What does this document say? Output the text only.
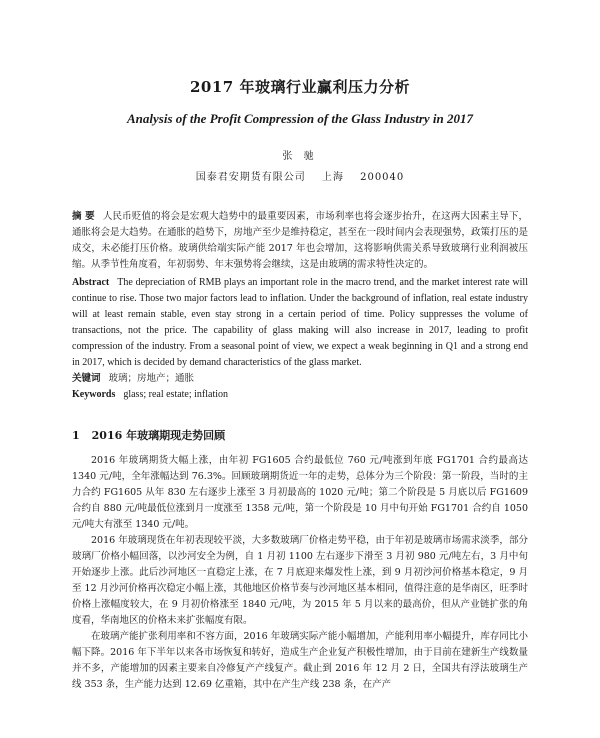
2017 年玻璃行业赢利压力分析
Analysis of the Profit Compression of the Glass Industry in 2017

张 驰

国泰君安期货有限公司 上海 200040

摘 要 人民币贬值的将会是宏观大趋势中的最重要因素，市场利率也将会逐步抬升，在这两大因素主导下，通胀将会是大趋势。在通胀的趋势下，房地产至少是维持稳定，甚至在一段时间内会表现强势，政策打压的是成交，未必能打压价格。玻璃供给端实际产能 2017 年也会增加，这将影响供需关系导致玻璃行业利润被压缩。从季节性角度看，年初弱势、年末强势将会继续，这是由玻璃的需求特性决定的。

Abstract The depreciation of RMB plays an important role in the macro trend, and the market interest rate will continue to rise. Those two major factors lead to inflation. Under the background of inflation, real estate industry will at least remain stable, even stay strong in a certain period of time. Policy suppresses the volume of transactions, not the price. The capability of glass making will also increase in 2017, leading to profit compression of the industry. From a seasonal point of view, we expect a weak beginning in Q1 and a strong end in 2017, which is decided by demand characteristics of the glass market.

关键词 玻璃；房地产；通胀

Keywords glass; real estate; inflation

1 2016 年玻璃期现走势回顾

2016 年玻璃期货大幅上涨，由年初 FG1605 合约最低位 760 元/吨涨到年底 FG1701 合约最高达 1340 元/吨，全年涨幅达到 76.3%。回顾玻璃期货近一年的走势，总体分为三个阶段：第一阶段，当时的主力合约 FG1605 从年 830 左右逐步上涨至 3 月初最高的 1020 元/吨；第二个阶段是 5 月底以后 FG1609 合约自 880 元/吨最低位涨到月一度涨至 1358 元/吨，第一个阶段是 10 月中旬开始 FG1701 合约自 1050 元/吨大有涨至 1340 元/吨。

2016 年玻璃现货在年初表现较平淡，大多数玻璃厂价格走势平稳，由于年初是玻璃市场需求淡季，部分玻璃厂价格小幅回落，以沙河安全为例，自 1 月初 1100 左右逐步下滑至 3 月初 980 元/吨左右，3 月中旬开始逐步上涨。此后沙河地区一直稳定上涨，在 7 月底迎来爆发性上涨，到 9 月初沙河价格基本稳定，9 月至 12 月沙河价格再次稳定小幅上涨，其他地区价格节奏与沙河地区基本相同，值得注意的是华南区，旺季时价格上涨幅度较大，在 9 月初价格涨至 1840 元/吨，为 2015 年 5 月以来的最高价，但从产业链扩张的角度看，华南地区的价格未来扩张幅度有限。

在玻璃产能扩张利用率和不容方面，2016 年玻璃实际产能小幅增加，产能利用率小幅提升，库存同比小幅下降。2016 年下半年以来各市场恢复和转好，造成生产企业复产积极性增加，由于目前在建新生产线数量并不多，产能增加的因素主要来自冷修复产产线复产。截止到 2016 年 12 月 2 日，全国共有浮法玻璃生产线 353 条，生产能力达到 12.69 亿重箱，其中在产生产线 238 条，在产产
